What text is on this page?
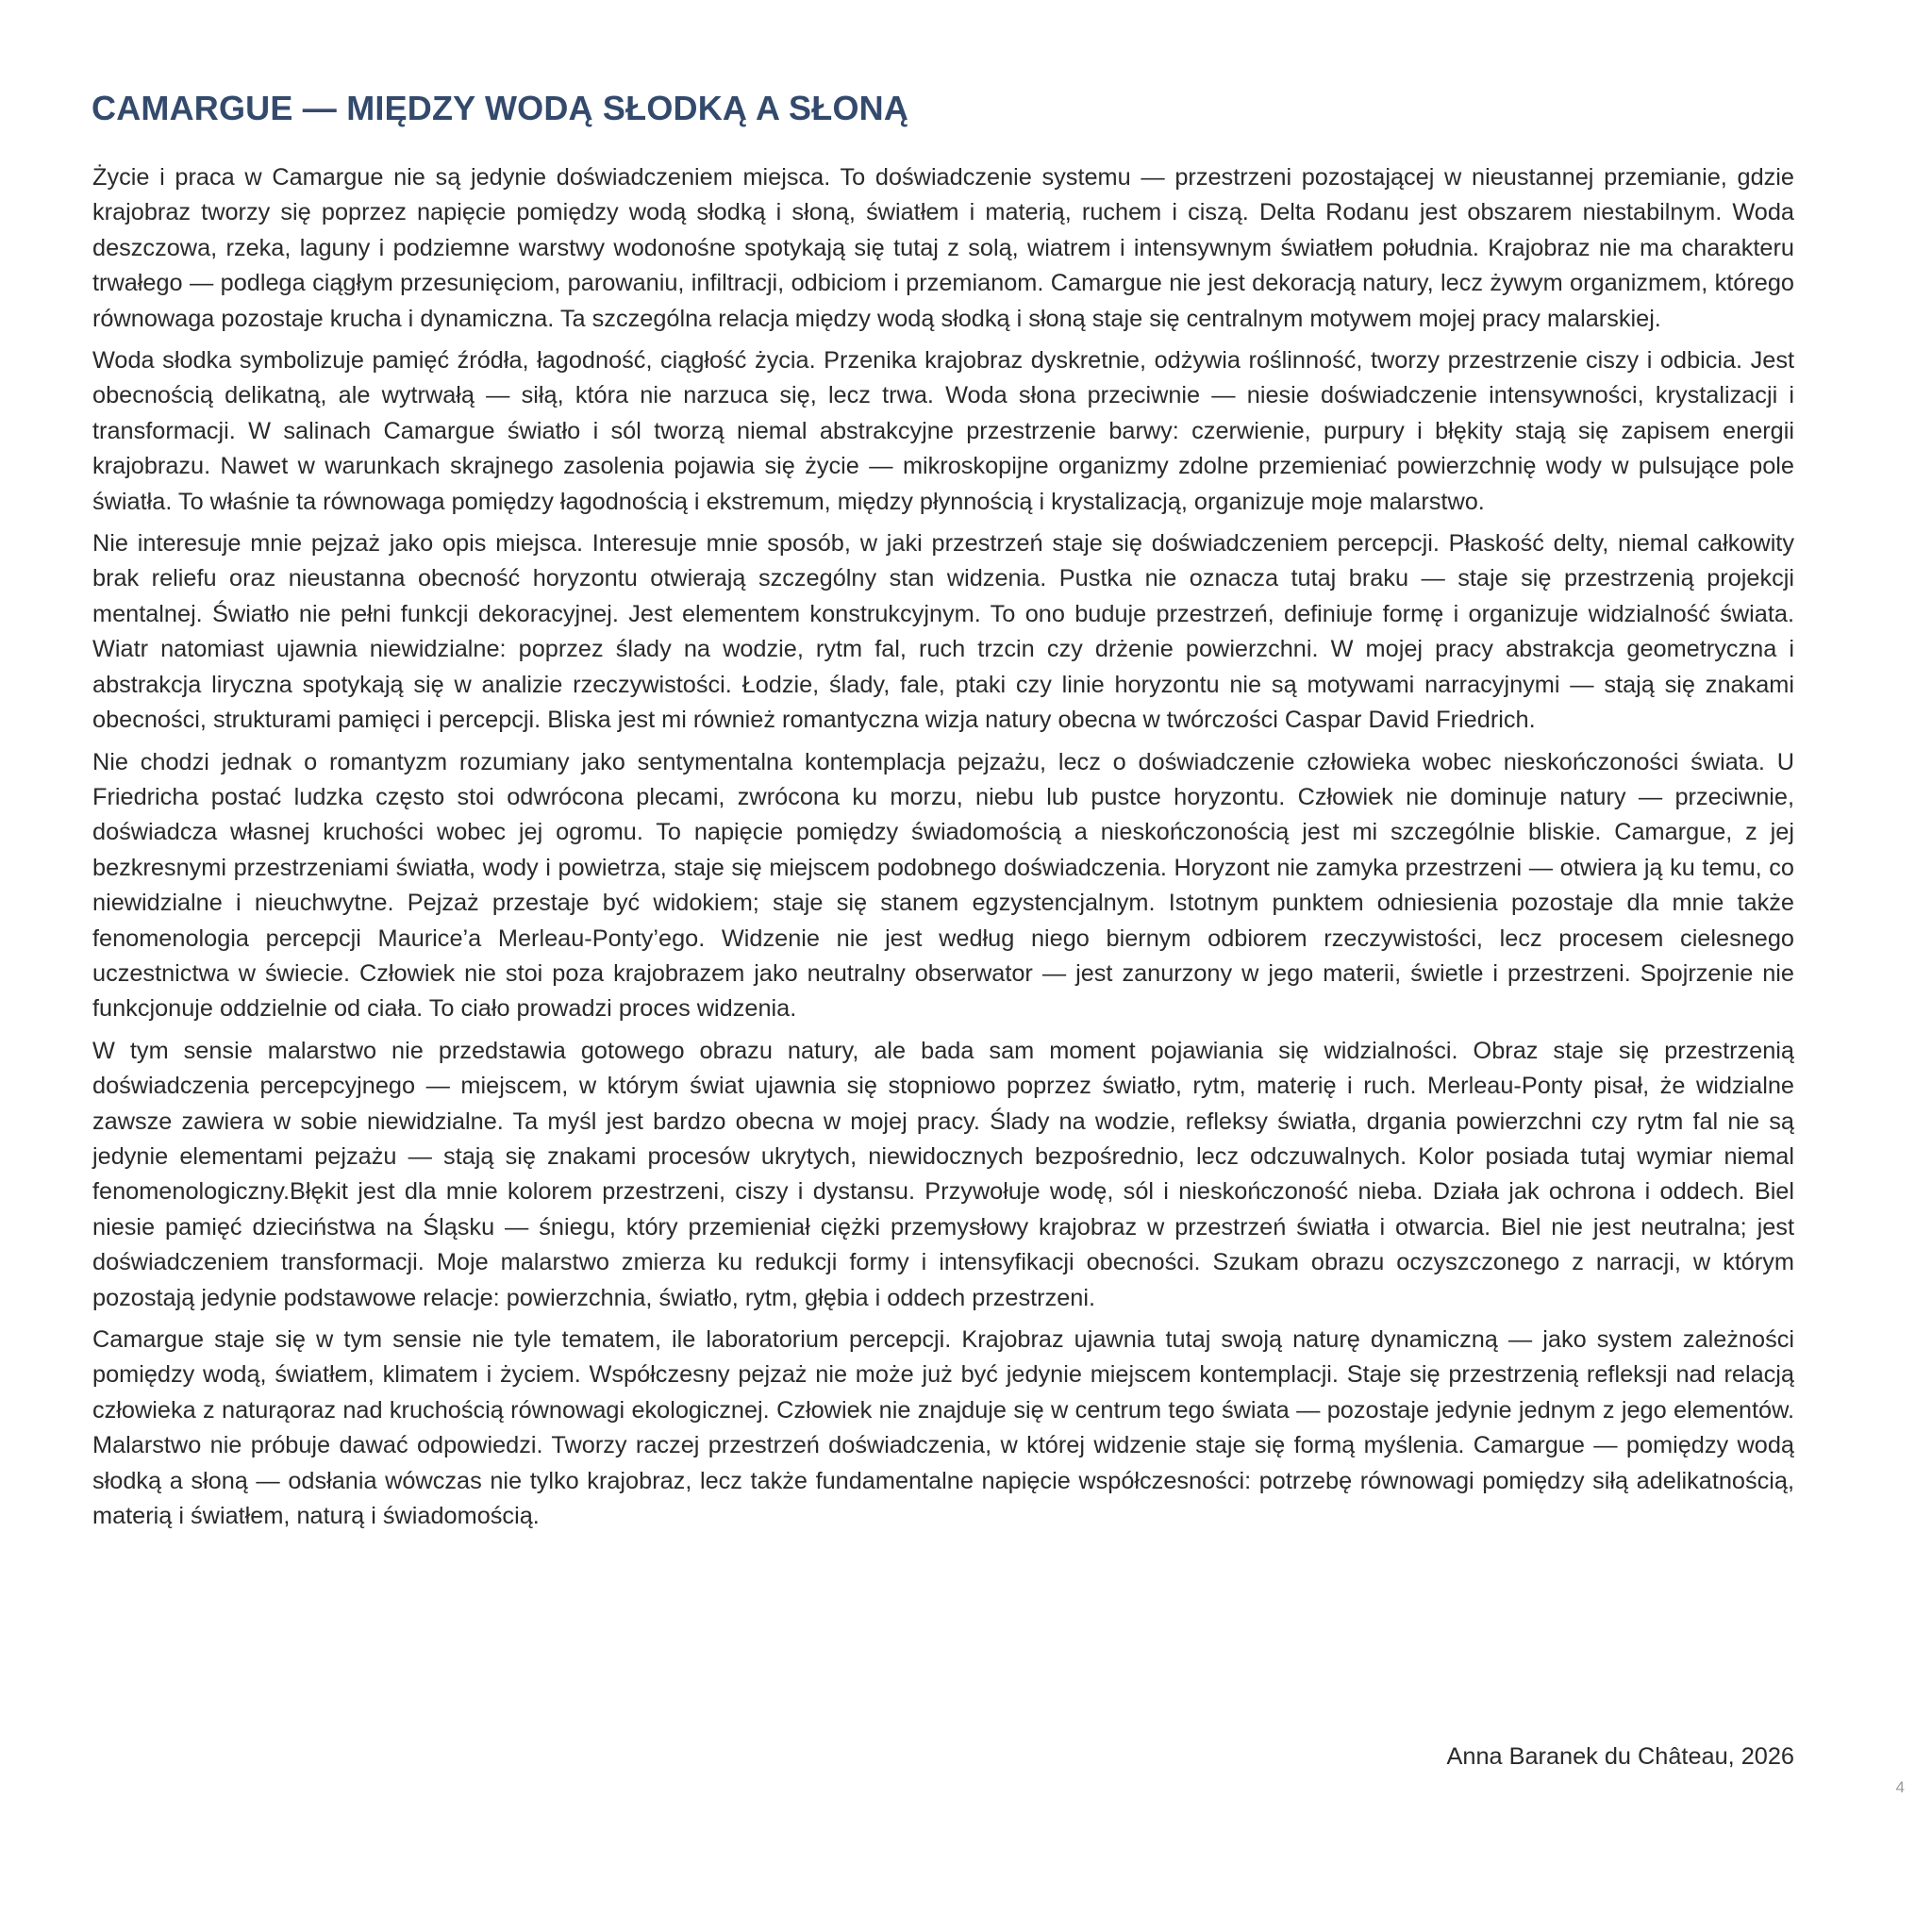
CAMARGUE — MIĘDZY WODĄ SŁODKĄ A SŁONĄ

Życie i praca w Camargue nie są jedynie doświadczeniem miejsca. To doświadczenie systemu — przestrzeni pozostającej w nieustannej przemianie, gdzie krajobraz tworzy się poprzez napięcie pomiędzy wodą słodką i słoną, światłem i materią, ruchem i ciszą. Delta Rodanu jest obszarem niestabilnym. Woda deszczowa, rzeka, laguny i podziemne warstwy wodonośne spotykają się tutaj z solą, wiatrem i intensywnym światłem południa. Krajobraz nie ma charakteru trwałego — podlega ciągłym przesunięciom, parowaniu, infiltracji, odbiciom i przemianom. Camargue nie jest dekoracją natury, lecz żywym organizmem, którego równowaga pozostaje krucha i dynamiczna. Ta szczególna relacja między wodą słodką i słoną staje się centralnym motywem mojej pracy malarskiej.

Woda słodka symbolizuje pamięć źródła, łagodność, ciągłość życia. Przenika krajobraz dyskretnie, odżywia roślinność, tworzy przestrzenie ciszy i odbicia. Jest obecnością delikatną, ale wytrwałą — siłą, która nie narzuca się, lecz trwa. Woda słona przeciwnie — niesie doświadczenie intensywności, krystalizacji i transformacji. W salinach Camargue światło i sól tworzą niemal abstrakcyjne przestrzenie barwy: czerwienie, purpury i błękity stają się zapisem energii krajobrazu. Nawet w warunkach skrajnego zasolenia pojawia się życie — mikroskopijne organizmy zdolne przemieniać powierzchnię wody w pulsujące pole światła. To właśnie ta równowaga pomiędzy łagodnością i ekstremum, między płynnością i krystalizacją, organizuje moje malarstwo.

Nie interesuje mnie pejzaż jako opis miejsca. Interesuje mnie sposób, w jaki przestrzeń staje się doświadczeniem percepcji. Płaskość delty, niemal całkowity brak reliefu oraz nieustanna obecność horyzontu otwierają szczególny stan widzenia. Pustka nie oznacza tutaj braku — staje się przestrzenią projekcji mentalnej. Światło nie pełni funkcji dekoracyjnej. Jest elementem konstrukcyjnym. To ono buduje przestrzeń, definiuje formę i organizuje widzialność świata. Wiatr natomiast ujawnia niewidzialne: poprzez ślady na wodzie, rytm fal, ruch trzcin czy drżenie powierzchni. W mojej pracy abstrakcja geometryczna i abstrakcja liryczna spotykają się w analizie rzeczywistości. Łodzie, ślady, fale, ptaki czy linie horyzontu nie są motywami narracyjnymi — stają się znakami obecności, strukturami pamięci i percepcji. Bliska jest mi również romantyczna wizja natury obecna w twórczości Caspar David Friedrich.

Nie chodzi jednak o romantyzm rozumiany jako sentymentalna kontemplacja pejzażu, lecz o doświadczenie człowieka wobec nieskończoności świata. U Friedricha postać ludzka często stoi odwrócona plecami, zwrócona ku morzu, niebu lub pustce horyzontu. Człowiek nie dominuje natury — przeciwnie, doświadcza własnej kruchości wobec jej ogromu. To napięcie pomiędzy świadomością a nieskończonością jest mi szczególnie bliskie. Camargue, z jej bezkresnymi przestrzeniami światła, wody i powietrza, staje się miejscem podobnego doświadczenia. Horyzont nie zamyka przestrzeni — otwiera ją ku temu, co niewidzialne i nieuchwytne. Pejzaż przestaje być widokiem; staje się stanem egzystencjalnym. Istotnym punktem odniesienia pozostaje dla mnie także fenomenologia percepcji Maurice’a Merleau-Ponty’ego. Widzenie nie jest według niego biernym odbiorem rzeczywistości, lecz procesem cielesnego uczestnictwa w świecie. Człowiek nie stoi poza krajobrazem jako neutralny obserwator — jest zanurzony w jego materii, świetle i przestrzeni. Spojrzenie nie funkcjonuje oddzielnie od ciała. To ciało prowadzi proces widzenia.

W tym sensie malarstwo nie przedstawia gotowego obrazu natury, ale bada sam moment pojawiania się widzialności. Obraz staje się przestrzenią doświadczenia percepcyjnego — miejscem, w którym świat ujawnia się stopniowo poprzez światło, rytm, materię i ruch. Merleau-Ponty pisał, że widzialne zawsze zawiera w sobie niewidzialne. Ta myśl jest bardzo obecna w mojej pracy. Ślady na wodzie, refleksy światła, drgania powierzchni czy rytm fal nie są jedynie elementami pejzażu — stają się znakami procesów ukrytych, niewidocznych bezpośrednio, lecz odczuwalnych. Kolor posiada tutaj wymiar niemal fenomenologiczny.Błękit jest dla mnie kolorem przestrzeni, ciszy i dystansu. Przywołuje wodę, sól i nieskończoność nieba. Działa jak ochrona i oddech. Biel niesie pamięć dzieciństwa na Śląsku — śniegu, który przemieniał ciężki przemysłowy krajobraz w przestrzeń światła i otwarcia. Biel nie jest neutralna; jest doświadczeniem transformacji. Moje malarstwo zmierza ku redukcji formy i intensyfikacji obecności. Szukam obrazu oczyszczonego z narracji, w którym pozostają jedynie podstawowe relacje: powierzchnia, światło, rytm, głębia i oddech przestrzeni.

Camargue staje się w tym sensie nie tyle tematem, ile laboratorium percepcji. Krajobraz ujawnia tutaj swoją naturę dynamiczną — jako system zależności pomiędzy wodą, światłem, klimatem i życiem. Współczesny pejzaż nie może już być jedynie miejscem kontemplacji. Staje się przestrzenią refleksji nad relacją człowieka z naturąoraz nad kruchością równowagi ekologicznej. Człowiek nie znajduje się w centrum tego świata — pozostaje jedynie jednym z jego elementów. Malarstwo nie próbuje dawać odpowiedzi. Tworzy raczej przestrzeń doświadczenia, w której widzenie staje się formą myślenia. Camargue — pomiędzy wodą słodką a słoną — odsłania wówczas nie tylko krajobraz, lecz także fundamentalne napięcie współczesności: potrzebę równowagi pomiędzy siłą adelikatnością, materią i światłem, naturą i świadomością.

Anna Baranek du Château, 2026
4
